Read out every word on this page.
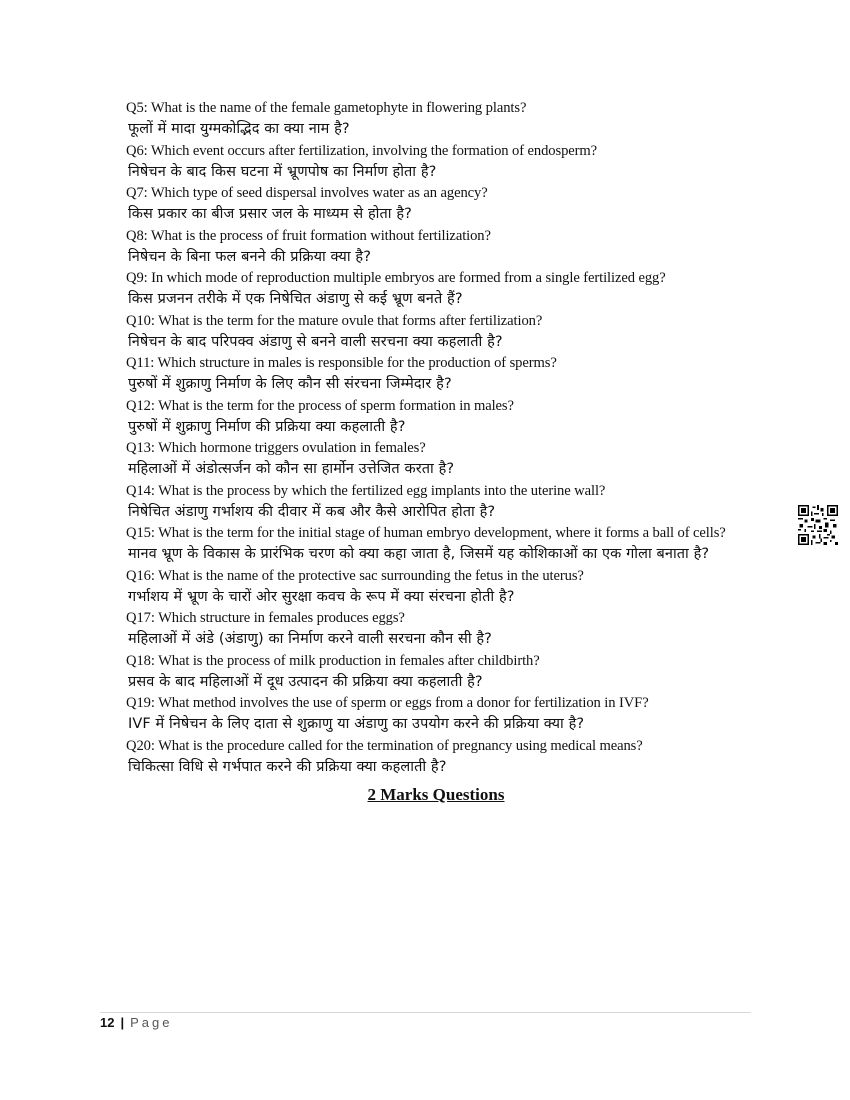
Q5: What is the name of the female gametophyte in flowering plants?

फूलों में मादा युग्मकोद्भिद का क्या नाम है?

Q6: Which event occurs after fertilization, involving the formation of endosperm?

निषेचन के बाद किस घटना में भ्रूणपोष का निर्माण होता है?

Q7: Which type of seed dispersal involves water as an agency?

किस प्रकार का बीज प्रसार जल के माध्यम से होता है?

Q8: What is the process of fruit formation without fertilization?

निषेचन के बिना फल बनने की प्रक्रिया क्या है?

Q9: In which mode of reproduction multiple embryos are formed from a single fertilized egg?

किस प्रजनन तरीके में एक निषेचित अंडाणु से कई भ्रूण बनते हैं?

Q10: What is the term for the mature ovule that forms after fertilization?

निषेचन के बाद परिपक्व अंडाणु से बनने वाली सरचना क्या कहलाती है?

Q11: Which structure in males is responsible for the production of sperms?

पुरुषों में शुक्राणु निर्माण के लिए कौन सी संरचना जिम्मेदार है?

Q12: What is the term for the process of sperm formation in males?

पुरुषों में शुक्राणु निर्माण की प्रक्रिया क्या कहलाती है?

Q13: Which hormone triggers ovulation in females?

महिलाओं में अंडोत्सर्जन को कौन सा हार्मोन उत्तेजित करता है?

Q14: What is the process by which the fertilized egg implants into the uterine wall?

निषेचित अंडाणु गर्भाशय की दीवार में कब और कैसे आरोपित होता है?

Q15: What is the term for the initial stage of human embryo development, where it forms a ball of cells?

मानव भ्रूण के विकास के प्रारंभिक चरण को क्या कहा जाता है, जिसमें यह कोशिकाओं का एक गोला बनाता है?

Q16: What is the name of the protective sac surrounding the fetus in the uterus?

गर्भाशय में भ्रूण के चारों ओर सुरक्षा कवच के रूप में क्या संरचना होती है?

Q17: Which structure in females produces eggs?

महिलाओं में अंडे (अंडाणु) का निर्माण करने वाली सरचना कौन सी है?

Q18: What is the process of milk production in females after childbirth?

प्रसव के बाद महिलाओं में दूध उत्पादन की प्रक्रिया क्या कहलाती है?

Q19: What method involves the use of sperm or eggs from a donor for fertilization in IVF?

IVF में निषेचन के लिए दाता से शुक्राणु या अंडाणु का उपयोग करने की प्रक्रिया क्या है?

Q20: What is the procedure called for the termination of pregnancy using medical means?

चिकित्सा विधि से गर्भपात करने की प्रक्रिया क्या कहलाती है?

2 Marks Questions
12 | Page
